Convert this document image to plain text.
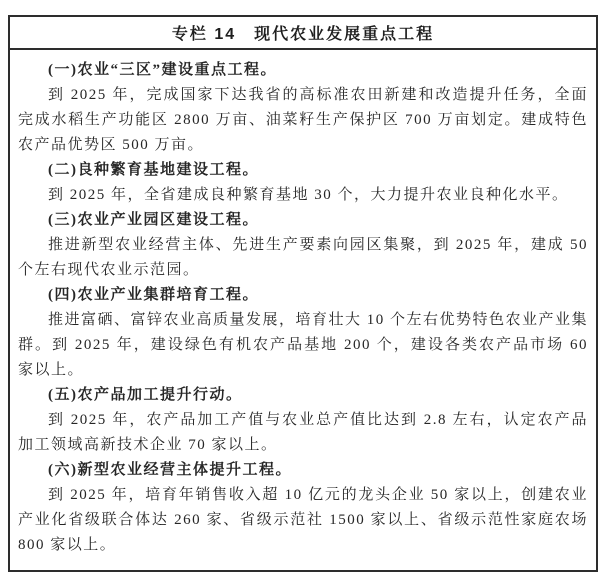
专栏 14　现代农业发展重点工程

(一)农业“三区”建设重点工程。

到 2025 年，完成国家下达我省的高标准农田新建和改造提升任务，全面完成水稻生产功能区 2800 万亩、油菜籽生产保护区 700 万亩划定。建成特色农产品优势区 500 万亩。

(二)良种繁育基地建设工程。

到 2025 年，全省建成良种繁育基地 30 个，大力提升农业良种化水平。

(三)农业产业园区建设工程。

推进新型农业经营主体、先进生产要素向园区集聚，到 2025 年，建成 50 个左右现代农业示范园。

(四)农业产业集群培育工程。

推进富硒、富锌农业高质量发展，培育壮大 10 个左右优势特色农业产业集群。到 2025 年，建设绿色有机农产品基地 200 个，建设各类农产品市场 60 家以上。

(五)农产品加工提升行动。

到 2025 年，农产品加工产值与农业总产值比达到 2.8 左右，认定农产品加工领域高新技术企业 70 家以上。

(六)新型农业经营主体提升工程。

到 2025 年，培育年销售收入超 10 亿元的龙头企业 50 家以上，创建农业产业化省级联合体达 260 家、省级示范社 1500 家以上、省级示范性家庭农场 800 家以上。
